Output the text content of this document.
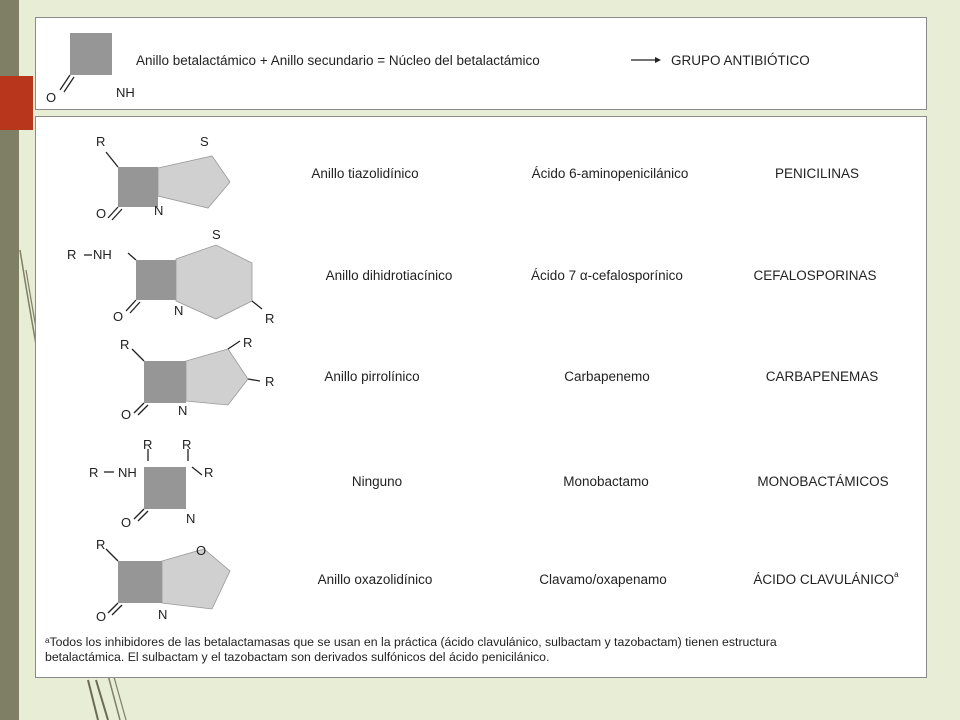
O	NH
Anillo betalactámico + Anillo secundario = Núcleo del betalactámico	GRUPO ANTIBIÓTICO
R	S
O	N
Anillo tiazolidínico	Ácido 6-aminopenicilánico	PENICILINAS
R NH
S
O	N
R
Anillo dihidrotiacínico	Ácido 7 α-cefalosporínico	CEFALOSPORINAS
R	R
R
O	N
Anillo pirrolínico	Carbapenemo	CARBAPENEMAS
R R
R NH	R
O	N
Ninguno	Monobactamo	MONOBACTÁMICOS
R	O
O	N
Anillo oxazolidínico	Clavamo/oxapenamo	ÁCIDO CLAVULÁNICO$^a$
$^a$Todos los inhibidores de las betalactamasas que se usan en la práctica (ácido clavulánico, sulbactam y tazobactam) tienen estructura betalactámica. El sulbactam y el tazobactam son derivados sulfónicos del ácido penicilánico.
